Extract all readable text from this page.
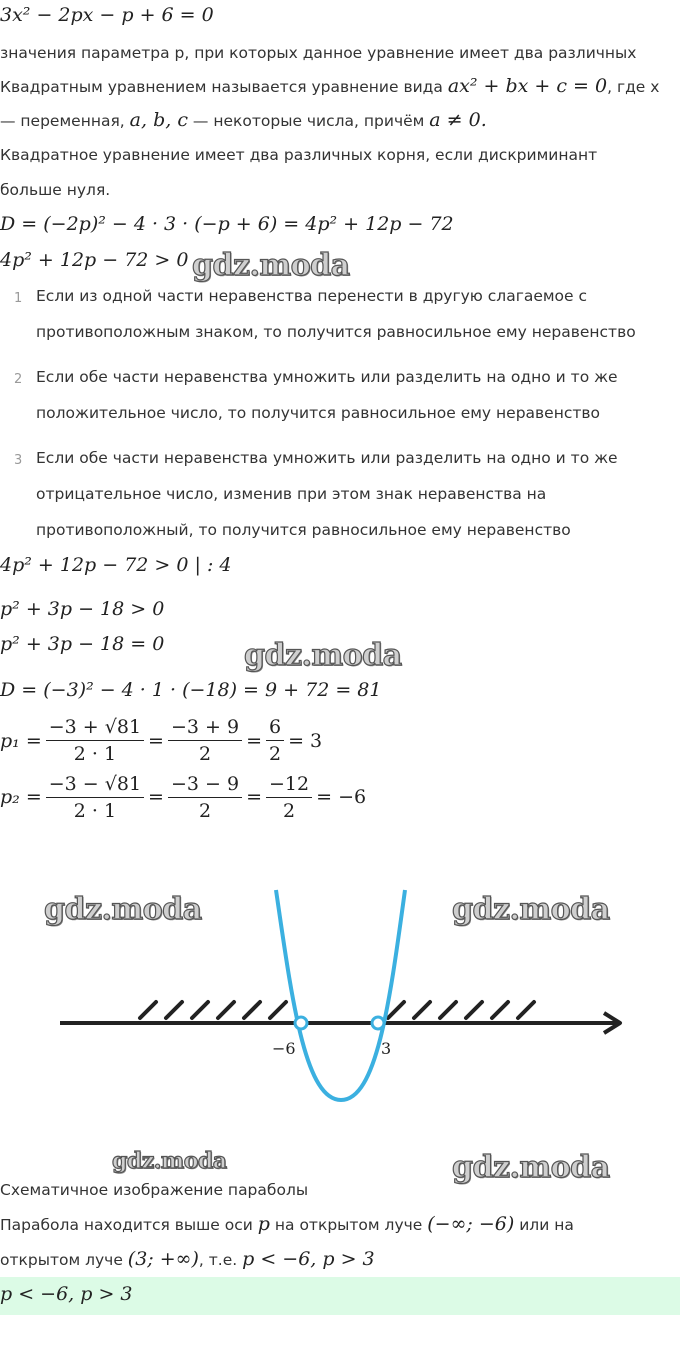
3x² − 2px − p + 6 = 0
значения параметра p, при которых данное уравнение имеет два различных
Квадратным уравнением называется уравнение вида ax² + bx + c = 0, где x
— переменная, a, b, c — некоторые числа, причём a ≠ 0.
Квадратное уравнение имеет два различных корня, если дискриминант
больше нуля.
D = (−2p)² − 4 · 3 · (−p + 6) = 4p² + 12p − 72
4p² + 12p − 72 > 0
1 Если из одной части неравенства перенести в другую слагаемое с
противоположным знаком, то получится равносильное ему неравенство
2 Если обе части неравенства умножить или разделить на одно и то же
положительное число, то получится равносильное ему неравенство
3 Если обе части неравенства умножить или разделить на одно и то же
отрицательное число, изменив при этом знак неравенства на
противоположный, то получится равносильное ему неравенство
4p² + 12p − 72 > 0 | : 4
p² + 3p − 18 > 0
p² + 3p − 18 = 0
D = (−3)² − 4 · 1 · (−18) = 9 + 72 = 81
$p_1 = \frac{-3 + √81}{2 \cdot 1} = \frac{-3 + 9}{2} = \frac{6}{2} = 3$
$p_2 = \frac{-3 - √81}{2 \cdot 1} = \frac{-3 - 9}{2} = \frac{-12}{2} = -6$
−6	3
Схематичное изображение параболы
Парабола находится выше оси p на открытом луче (−∞; −6) или на
открытом луче (3; +∞), т.е. p < −6, p > 3
p < −6, p > 3
gdz.moda
gdz.moda
gdz.moda	gdz.moda
gdz.moda	gdz.moda
